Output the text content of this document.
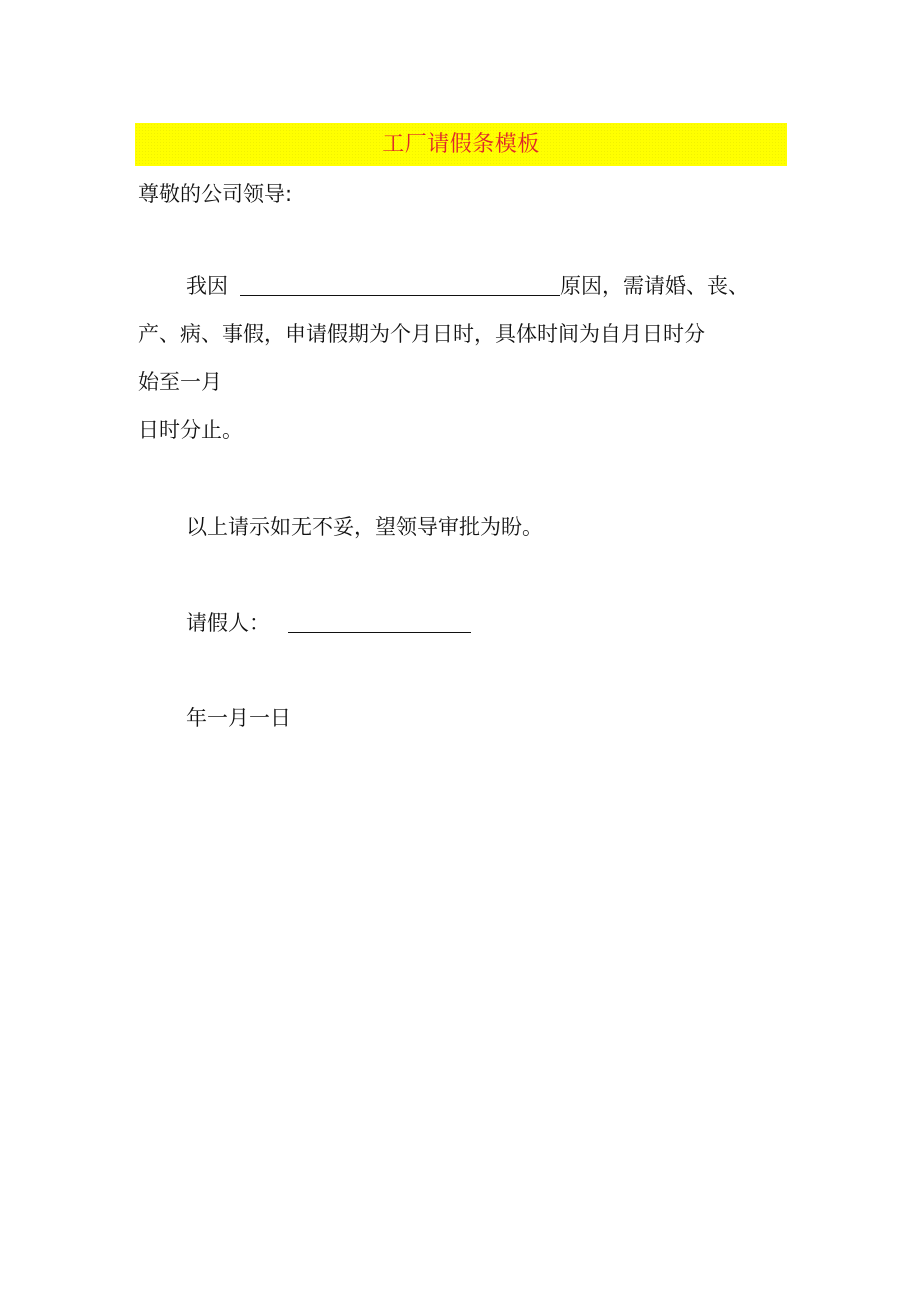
工厂请假条模板
尊敬的公司领导:
我因	原因，需请婚、丧、
产、病、事假，申请假期为个月日时，具体时间为自月日时分
始至一月
日时分止。
以上请示如无不妥，望领导审批为盼。
请假人：
年一月一日
